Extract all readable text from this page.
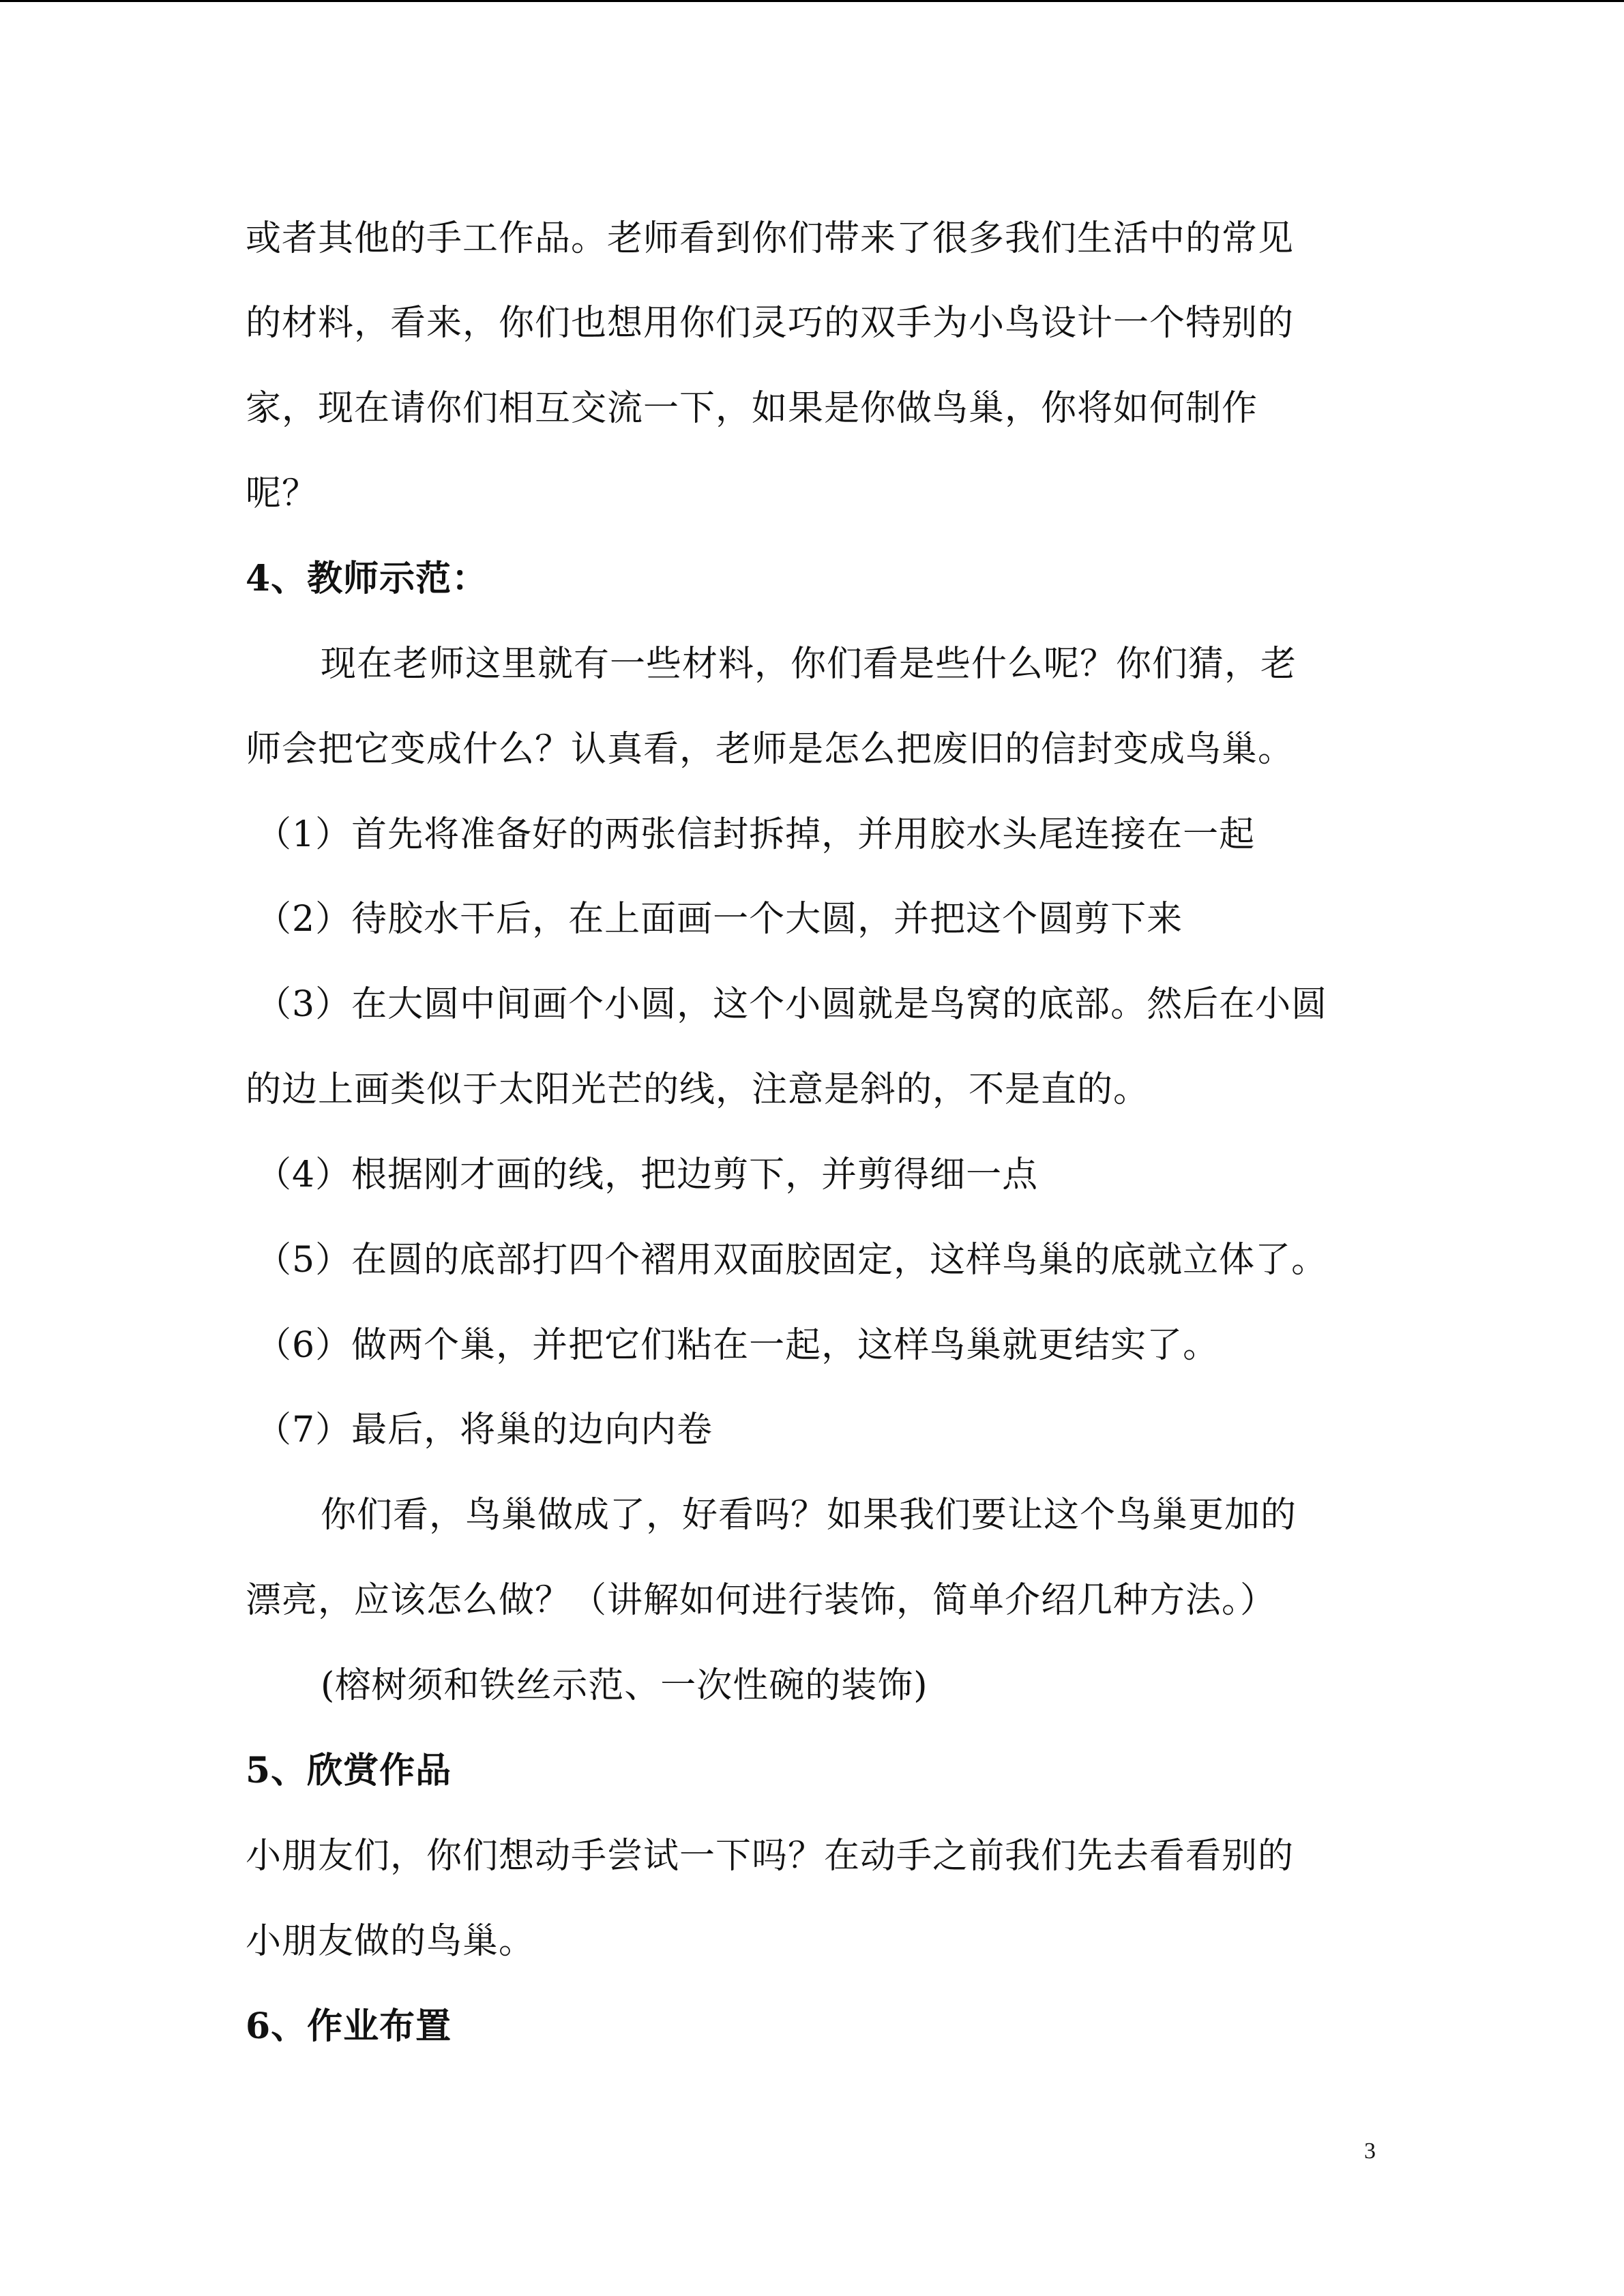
或者其他的手工作品。老师看到你们带来了很多我们生活中的常见
的材料，看来，你们也想用你们灵巧的双手为小鸟设计一个特别的
家，现在请你们相互交流一下，如果是你做鸟巢，你将如何制作
呢？
4、教师示范：
现在老师这里就有一些材料，你们看是些什么呢？你们猜，老
师会把它变成什么？认真看，老师是怎么把废旧的信封变成鸟巢。
（1）首先将准备好的两张信封拆掉，并用胶水头尾连接在一起
（2）待胶水干后，在上面画一个大圆，并把这个圆剪下来
（3）在大圆中间画个小圆，这个小圆就是鸟窝的底部。然后在小圆
的边上画类似于太阳光芒的线，注意是斜的，不是直的。
（4）根据刚才画的线，把边剪下，并剪得细一点
（5）在圆的底部打四个褶用双面胶固定，这样鸟巢的底就立体了。
（6）做两个巢，并把它们粘在一起，这样鸟巢就更结实了。
（7）最后，将巢的边向内卷
你们看，鸟巢做成了，好看吗？如果我们要让这个鸟巢更加的
漂亮，应该怎么做？（讲解如何进行装饰，简单介绍几种方法。）
(榕树须和铁丝示范、一次性碗的装饰)
5、欣赏作品
小朋友们，你们想动手尝试一下吗？在动手之前我们先去看看别的
小朋友做的鸟巢。
6、作业布置
3
